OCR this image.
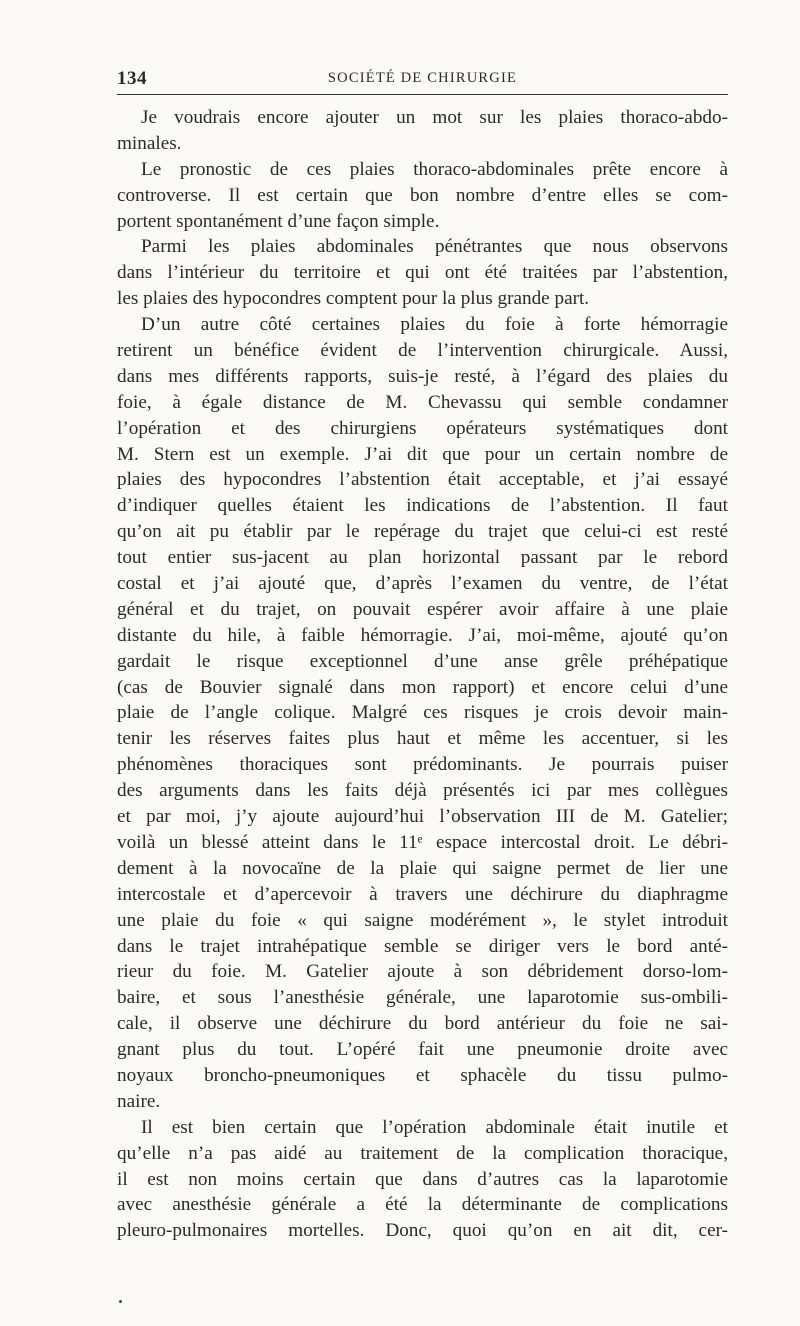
134	SOCIÉTÉ DE CHIRURGIE
Je voudrais encore ajouter un mot sur les plaies thoraco-abdo-
minales.
Le pronostic de ces plaies thoraco-abdominales prête encore à
controverse. Il est certain que bon nombre d’entre elles se com-
portent spontanément d’une façon simple.
Parmi les plaies abdominales pénétrantes que nous observons
dans l’intérieur du territoire et qui ont été traitées par l’abstention,
les plaies des hypocondres comptent pour la plus grande part.
D’un autre côté certaines plaies du foie à forte hémorragie
retirent un bénéfice évident de l’intervention chirurgicale. Aussi,
dans mes différents rapports, suis-je resté, à l’égard des plaies du
foie, à égale distance de M. Chevassu qui semble condamner
l’opération et des chirurgiens opérateurs systématiques dont
M. Stern est un exemple. J’ai dit que pour un certain nombre de
plaies des hypocondres l’abstention était acceptable, et j’ai essayé
d’indiquer quelles étaient les indications de l’abstention. Il faut
qu’on ait pu établir par le repérage du trajet que celui-ci est resté
tout entier sus-jacent au plan horizontal passant par le rebord
costal et j’ai ajouté que, d’après l’examen du ventre, de l’état
général et du trajet, on pouvait espérer avoir affaire à une plaie
distante du hile, à faible hémorragie. J’ai, moi-même, ajouté qu’on
gardait le risque exceptionnel d’une anse grêle préhépatique
(cas de Bouvier signalé dans mon rapport) et encore celui d’une
plaie de l’angle colique. Malgré ces risques je crois devoir main-
tenir les réserves faites plus haut et même les accentuer, si les
phénomènes thoraciques sont prédominants. Je pourrais puiser
des arguments dans les faits déjà présentés ici par mes collègues
et par moi, j’y ajoute aujourd’hui l’observation III de M. Gatelier;
voilà un blessé atteint dans le 11ᵉ espace intercostal droit. Le débri-
dement à la novocaïne de la plaie qui saigne permet de lier une
intercostale et d’apercevoir à travers une déchirure du diaphragme
une plaie du foie « qui saigne modérément », le stylet introduit
dans le trajet intrahépatique semble se diriger vers le bord anté-
rieur du foie. M. Gatelier ajoute à son débridement dorso-lom-
baire, et sous l’anesthésie générale, une laparotomie sus-ombili-
cale, il observe une déchirure du bord antérieur du foie ne sai-
gnant plus du tout. L’opéré fait une pneumonie droite avec
noyaux broncho-pneumoniques et sphacèle du tissu pulmo-
naire.
Il est bien certain que l’opération abdominale était inutile et
qu’elle n’a pas aidé au traitement de la complication thoracique,
il est non moins certain que dans d’autres cas la laparotomie
avec anesthésie générale a été la déterminante de complications
pleuro-pulmonaires mortelles. Donc, quoi qu’on en ait dit, cer-
